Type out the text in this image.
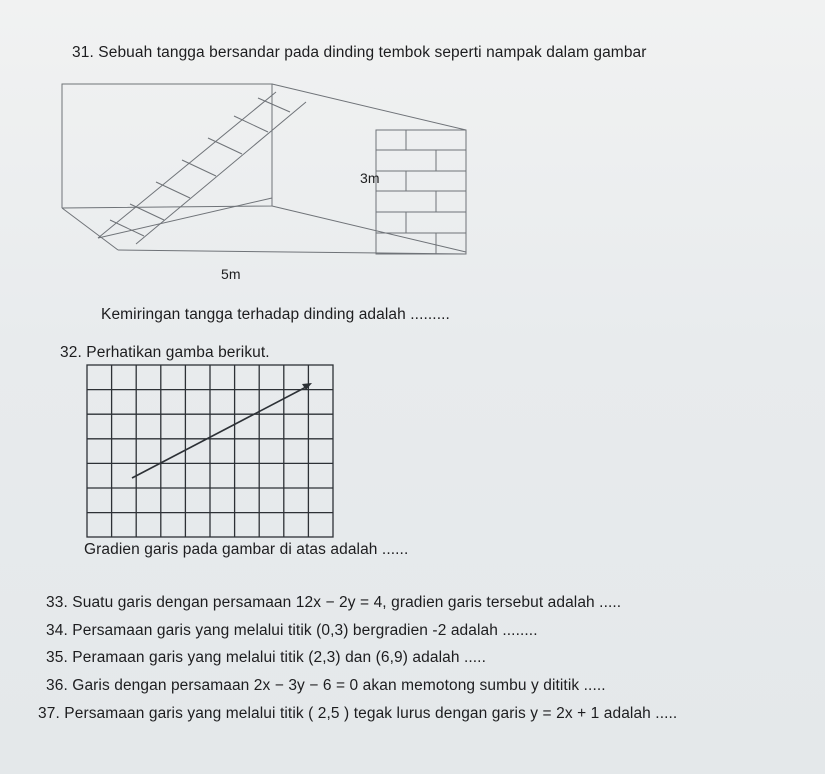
31. Sebuah tangga bersandar pada dinding tembok seperti nampak dalam gambar
3m
5m
Kemiringan tangga terhadap dinding adalah .........
32. Perhatikan gamba berikut.
Gradien garis pada gambar di atas adalah ......
33. Suatu garis dengan persamaan 12x − 2y = 4, gradien garis tersebut adalah .....
34. Persamaan garis yang melalui titik (0,3) bergradien -2 adalah ........
35. Peramaan garis yang melalui titik (2,3) dan (6,9) adalah .....
36. Garis dengan persamaan 2x − 3y − 6 = 0 akan memotong sumbu y dititik .....
37. Persamaan garis yang melalui titik ( 2,5 ) tegak lurus dengan garis y = 2x + 1 adalah .....
